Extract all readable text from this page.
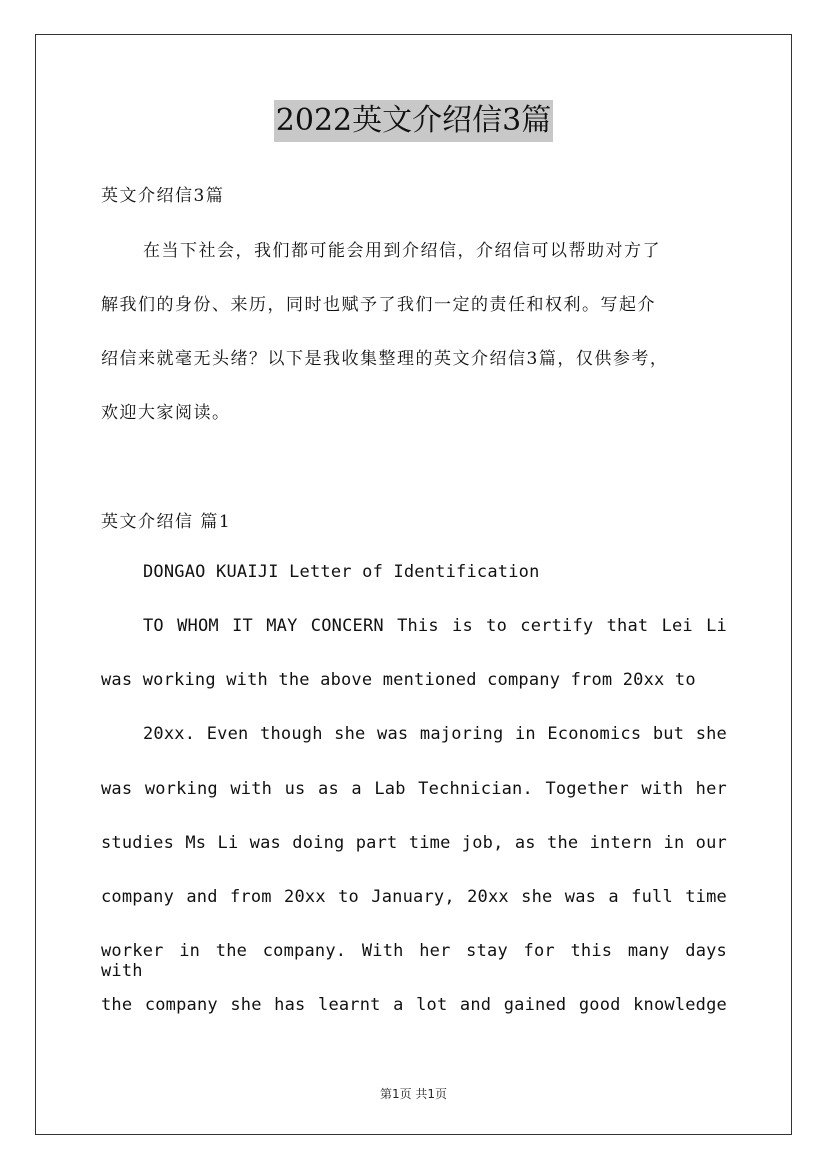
2022英文介绍信3篇
英文介绍信3篇
在当下社会，我们都可能会用到介绍信，介绍信可以帮助对方了
解我们的身份、来历，同时也赋予了我们一定的责任和权利。写起介
绍信来就毫无头绪？以下是我收集整理的英文介绍信3篇，仅供参考，
欢迎大家阅读。
英文介绍信 篇1
DONGAO KUAIJI Letter of Identification
TO WHOM IT MAY CONCERN This is to certify that Lei Li
was working with the above mentioned company from 20xx to
20xx. Even though she was majoring in Economics but she
was working with us as a Lab Technician. Together with her
studies Ms Li was doing part time job, as the intern in our
company and from 20xx to January, 20xx she was a full time
worker in the company. With her stay for this many days with
the company she has learnt a lot and gained good knowledge
第1页 共1页
